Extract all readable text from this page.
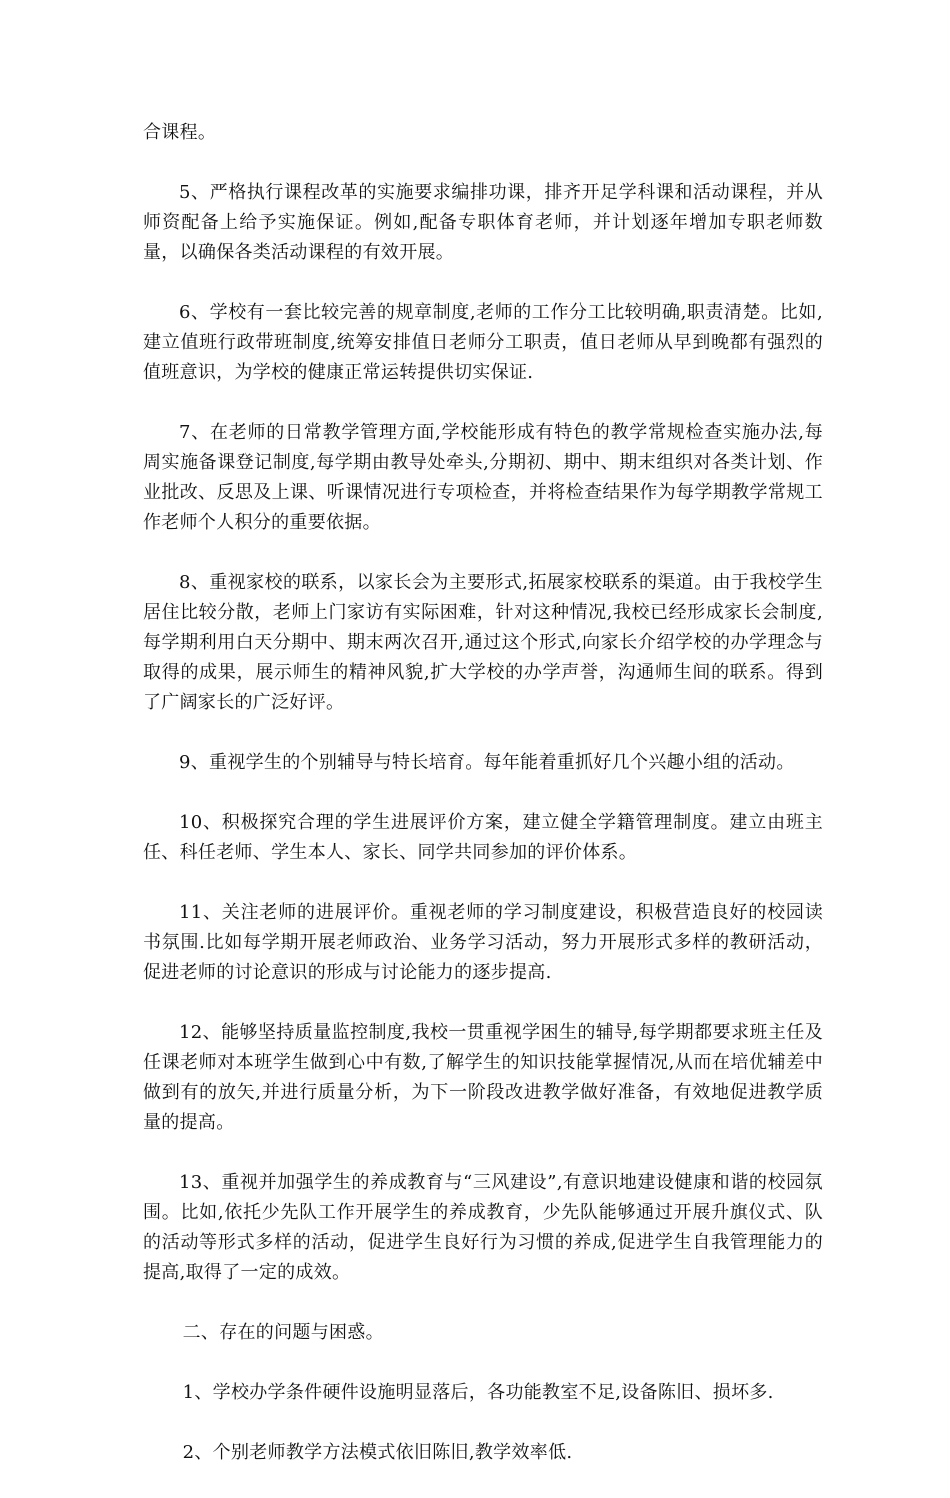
合课程。

5、严格执行课程改革的实施要求编排功课，排齐开足学科课和活动课程，并从师资配备上给予实施保证。例如,配备专职体育老师，并计划逐年增加专职老师数量，以确保各类活动课程的有效开展。

6、学校有一套比较完善的规章制度,老师的工作分工比较明确,职责清楚。比如,建立值班行政带班制度,统筹安排值日老师分工职责，值日老师从早到晚都有强烈的值班意识，为学校的健康正常运转提供切实保证.

7、在老师的日常教学管理方面,学校能形成有特色的教学常规检查实施办法,每周实施备课登记制度,每学期由教导处牵头,分期初、期中、期末组织对各类计划、作业批改、反思及上课、听课情况进行专项检查，并将检查结果作为每学期教学常规工作老师个人积分的重要依据。

8、重视家校的联系，以家长会为主要形式,拓展家校联系的渠道。由于我校学生居住比较分散，老师上门家访有实际困难，针对这种情况,我校已经形成家长会制度,每学期利用白天分期中、期末两次召开,通过这个形式,向家长介绍学校的办学理念与取得的成果，展示师生的精神风貌,扩大学校的办学声誉，沟通师生间的联系。得到了广阔家长的广泛好评。

9、重视学生的个别辅导与特长培育。每年能着重抓好几个兴趣小组的活动。

10、积极探究合理的学生进展评价方案，建立健全学籍管理制度。建立由班主任、科任老师、学生本人、家长、同学共同参加的评价体系。

11、关注老师的进展评价。重视老师的学习制度建设，积极营造良好的校园读书氛围.比如每学期开展老师政治、业务学习活动，努力开展形式多样的教研活动，促进老师的讨论意识的形成与讨论能力的逐步提高.

12、能够坚持质量监控制度,我校一贯重视学困生的辅导,每学期都要求班主任及任课老师对本班学生做到心中有数,了解学生的知识技能掌握情况,从而在培优辅差中做到有的放矢,并进行质量分析，为下一阶段改进教学做好准备，有效地促进教学质量的提高。

13、重视并加强学生的养成教育与“三风建设”,有意识地建设健康和谐的校园氛围。比如,依托少先队工作开展学生的养成教育，少先队能够通过开展升旗仪式、队的活动等形式多样的活动，促进学生良好行为习惯的养成,促进学生自我管理能力的提高,取得了一定的成效。

二、存在的问题与困惑。

1、学校办学条件硬件设施明显落后，各功能教室不足,设备陈旧、损坏多.

2、个别老师教学方法模式依旧陈旧,教学效率低.
